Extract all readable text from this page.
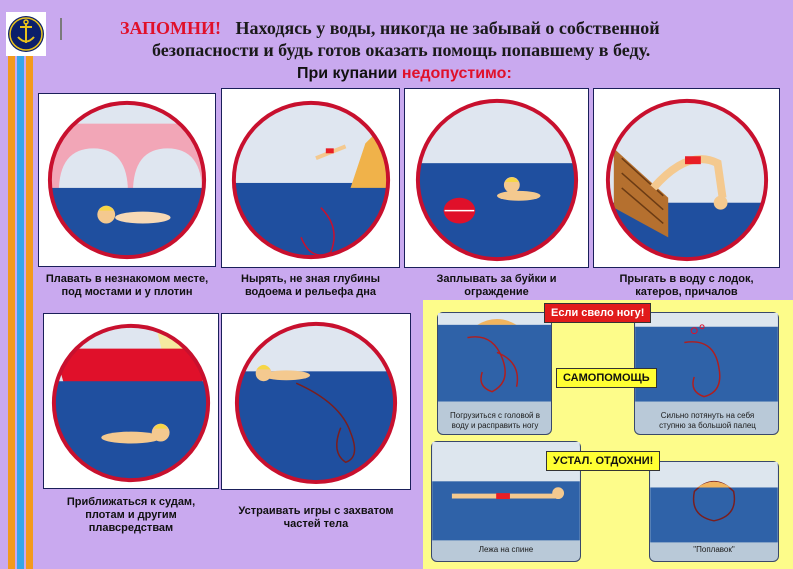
ЗАПОМНИ! Находясь у воды, никогда не забывай о собственной
безопасности и будь готов оказать помощь попавшему в беду.
При купании недопустимо:
Плавать в незнакомом месте,
под мостами и у плотин
Нырять, не зная глубины
водоема и рельефа дна
Заплывать за буйки и
ограждение
Прыгать в воду с лодок,
катеров, причалов
Приближаться к судам,
плотам и другим
плавсредствам
Устраивать игры с захватом
частей тела
Погрузиться с головой в
воду и расправить ногу
Сильно потянуть на себя
ступню за большой палец
Лежа на спине	"Поплавок"
Если свело ногу!
САМОПОМОЩЬ
УСТАЛ. ОТДОХНИ!
